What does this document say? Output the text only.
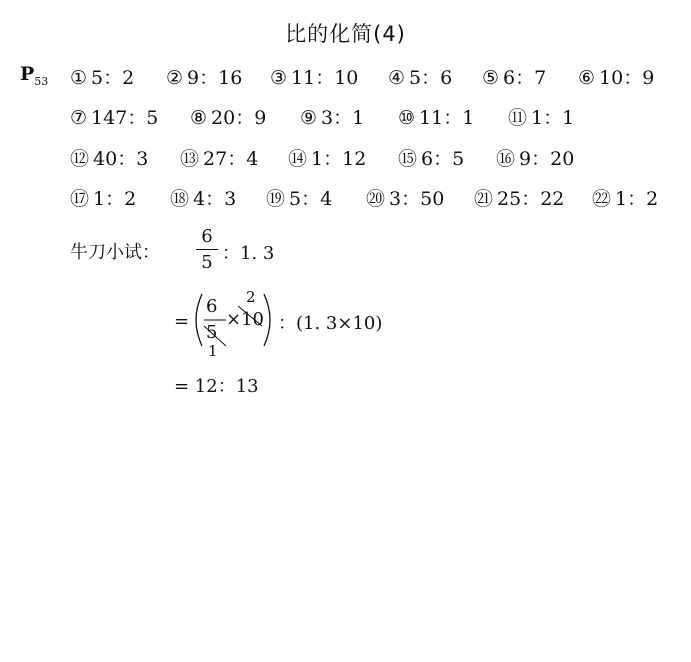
比的化简(4)
$P_{53}$ ① 5：2 ② 9：16 ③ 11：10 ④ 5：6 ⑤ 6：7 ⑥ 10：9
⑦ 147：5 ⑧ 20：9 ⑨ 3：1 ⑩ 11：1 ⑪ 1：1
⑫ 40：3 ⑬ 27：4 ⑭ 1：12 ⑮ 6：5 ⑯ 9：20
⑰ 1：2 ⑱ 4：3 ⑲ 5：4 ⑳ 3：50 ㉑ 25：22 ㉒ 1：2
牛刀小试：
6
5 ：1. 3
=
6
5
×10
2
1
：(1. 3×10)
= 12：13
